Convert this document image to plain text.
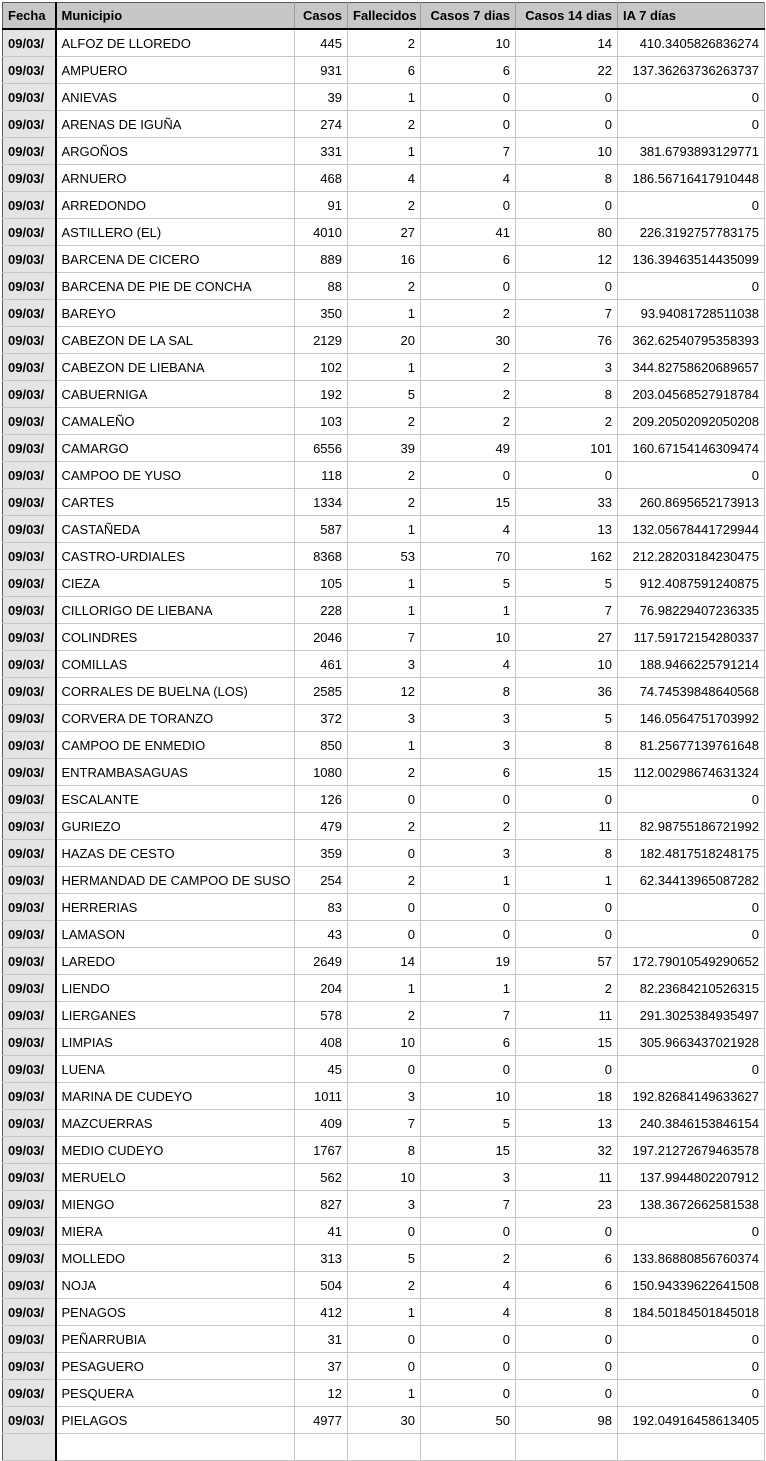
Fecha	Municipio	Casos	Fallecidos	Casos 7 dias	Casos 14 dias	IA 7 días
09/03/	ALFOZ DE LLOREDO	445	2	10	14	410.3405826836274
09/03/	AMPUERO	931	6	6	22	137.36263736263737
09/03/	ANIEVAS	39	1	0	0	0
09/03/	ARENAS DE IGUÑA	274	2	0	0	0
09/03/	ARGOÑOS	331	1	7	10	381.6793893129771
09/03/	ARNUERO	468	4	4	8	186.56716417910448
09/03/	ARREDONDO	91	2	0	0	0
09/03/	ASTILLERO (EL)	4010	27	41	80	226.3192757783175
09/03/	BARCENA DE CICERO	889	16	6	12	136.39463514435099
09/03/	BARCENA DE PIE DE CONCHA	88	2	0	0	0
09/03/	BAREYO	350	1	2	7	93.94081728511038
09/03/	CABEZON DE LA SAL	2129	20	30	76	362.62540795358393
09/03/	CABEZON DE LIEBANA	102	1	2	3	344.82758620689657
09/03/	CABUERNIGA	192	5	2	8	203.04568527918784
09/03/	CAMALEÑO	103	2	2	2	209.20502092050208
09/03/	CAMARGO	6556	39	49	101	160.67154146309474
09/03/	CAMPOO DE YUSO	118	2	0	0	0
09/03/	CARTES	1334	2	15	33	260.8695652173913
09/03/	CASTAÑEDA	587	1	4	13	132.05678441729944
09/03/	CASTRO-URDIALES	8368	53	70	162	212.28203184230475
09/03/	CIEZA	105	1	5	5	912.4087591240875
09/03/	CILLORIGO DE LIEBANA	228	1	1	7	76.98229407236335
09/03/	COLINDRES	2046	7	10	27	117.59172154280337
09/03/	COMILLAS	461	3	4	10	188.9466225791214
09/03/	CORRALES DE BUELNA (LOS)	2585	12	8	36	74.74539848640568
09/03/	CORVERA DE TORANZO	372	3	3	5	146.0564751703992
09/03/	CAMPOO DE ENMEDIO	850	1	3	8	81.25677139761648
09/03/	ENTRAMBASAGUAS	1080	2	6	15	112.00298674631324
09/03/	ESCALANTE	126	0	0	0	0
09/03/	GURIEZO	479	2	2	11	82.98755186721992
09/03/	HAZAS DE CESTO	359	0	3	8	182.4817518248175
09/03/	HERMANDAD DE CAMPOO DE SUSO	254	2	1	1	62.34413965087282
09/03/	HERRERIAS	83	0	0	0	0
09/03/	LAMASON	43	0	0	0	0
09/03/	LAREDO	2649	14	19	57	172.79010549290652
09/03/	LIENDO	204	1	1	2	82.23684210526315
09/03/	LIERGANES	578	2	7	11	291.3025384935497
09/03/	LIMPIAS	408	10	6	15	305.9663437021928
09/03/	LUENA	45	0	0	0	0
09/03/	MARINA DE CUDEYO	1011	3	10	18	192.82684149633627
09/03/	MAZCUERRAS	409	7	5	13	240.3846153846154
09/03/	MEDIO CUDEYO	1767	8	15	32	197.21272679463578
09/03/	MERUELO	562	10	3	11	137.9944802207912
09/03/	MIENGO	827	3	7	23	138.3672662581538
09/03/	MIERA	41	0	0	0	0
09/03/	MOLLEDO	313	5	2	6	133.86880856760374
09/03/	NOJA	504	2	4	6	150.94339622641508
09/03/	PENAGOS	412	1	4	8	184.50184501845018
09/03/	PEÑARRUBIA	31	0	0	0	0
09/03/	PESAGUERO	37	0	0	0	0
09/03/	PESQUERA	12	1	0	0	0
09/03/	PIELAGOS	4977	30	50	98	192.04916458613405
